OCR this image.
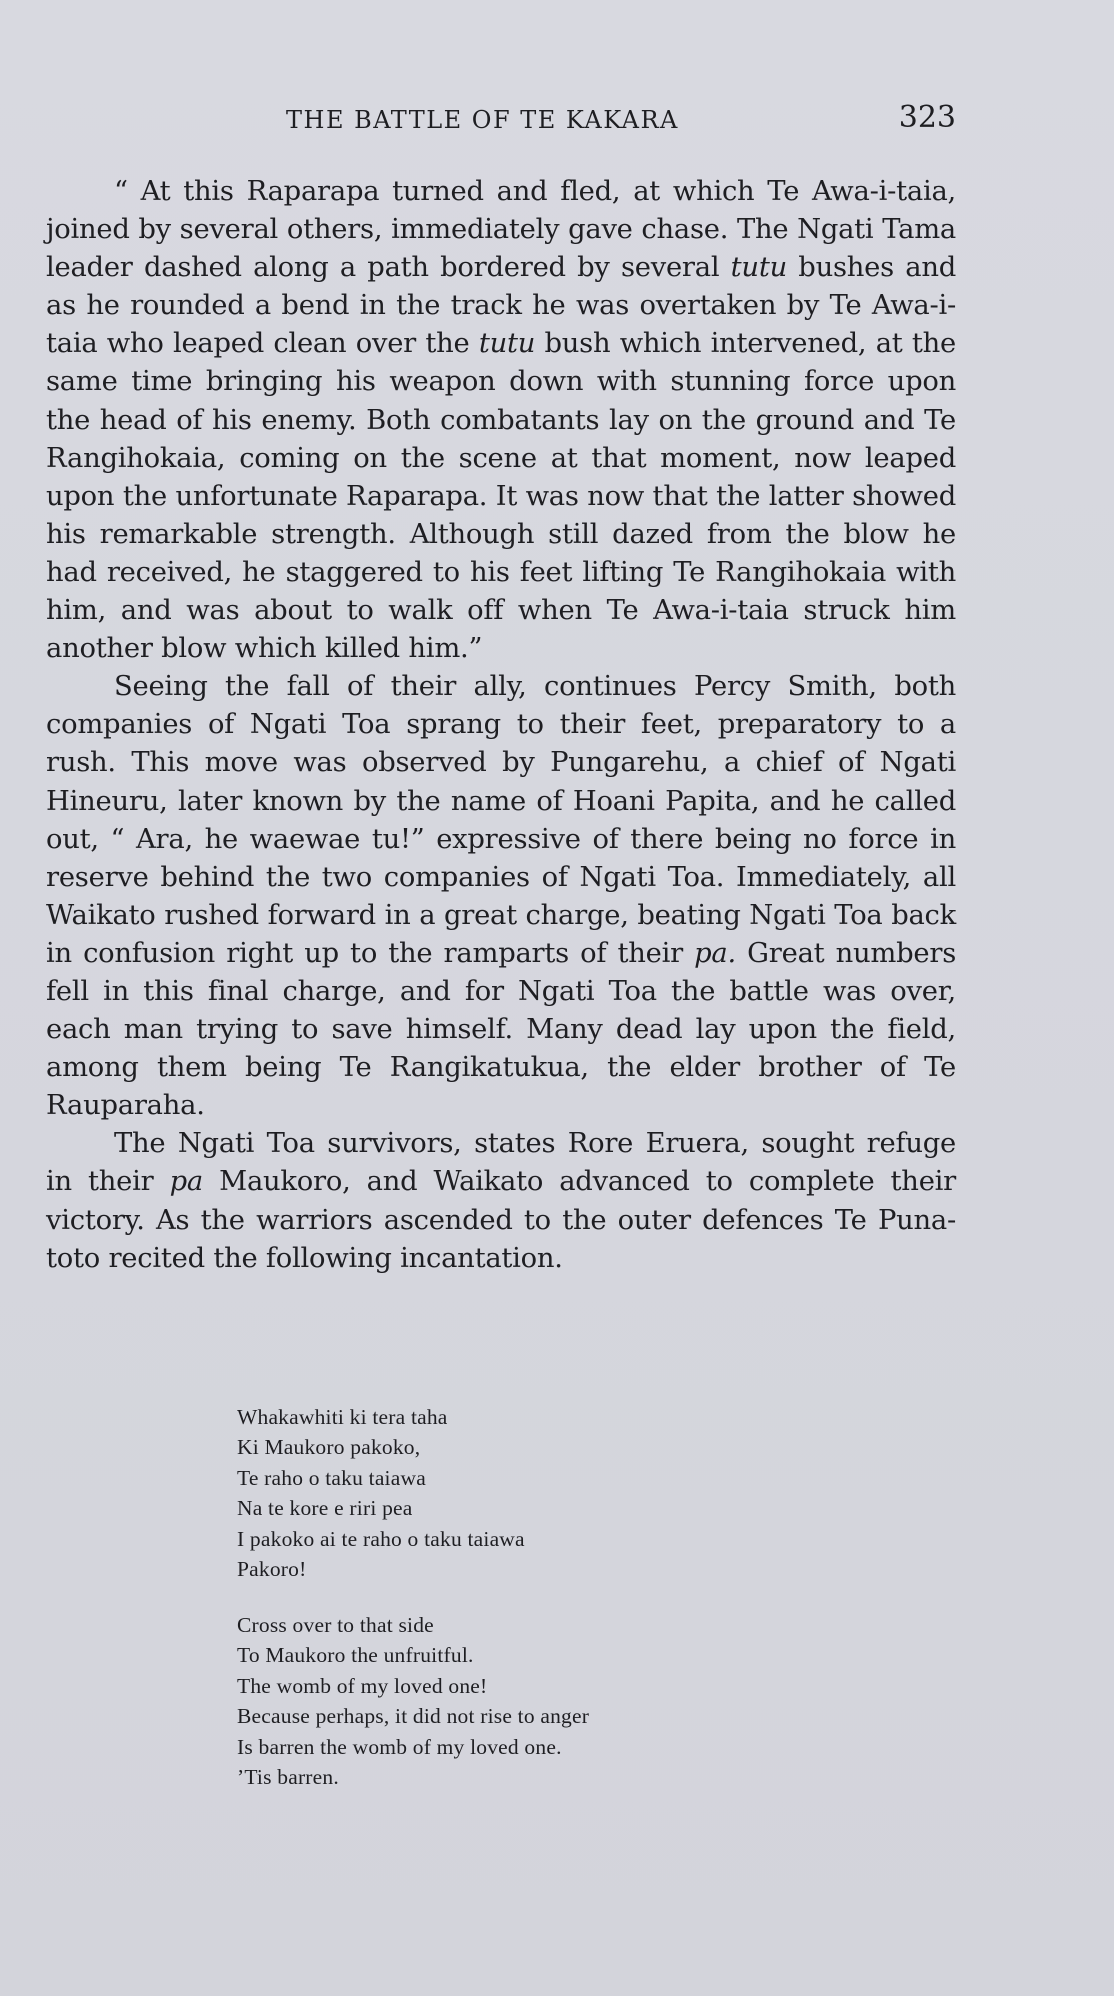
THE BATTLE OF TE KAKARA	323

“ At this Raparapa turned and fled, at which Te Awa-i-taia, joined by several others, immediately gave chase. The Ngati Tama leader dashed along a path bordered by several tutu bushes and as he rounded a bend in the track he was overtaken by Te Awa-i-taia who leaped clean over the tutu bush which intervened, at the same time bringing his weapon down with stunning force upon the head of his enemy. Both combatants lay on the ground and Te Rangihokaia, coming on the scene at that moment, now leaped upon the unfortunate Raparapa. It was now that the latter showed his remarkable strength. Although still dazed from the blow he had received, he staggered to his feet lifting Te Rangihokaia with him, and was about to walk off when Te Awa-i-taia struck him another blow which killed him.”

Seeing the fall of their ally, continues Percy Smith, both companies of Ngati Toa sprang to their feet, preparatory to a rush. This move was observed by Pungarehu, a chief of Ngati Hineuru, later known by the name of Hoani Papita, and he called out, “ Ara, he waewae tu!” expressive of there being no force in reserve behind the two companies of Ngati Toa. Immediately, all Waikato rushed forward in a great charge, beating Ngati Toa back in confusion right up to the ramparts of their pa. Great numbers fell in this final charge, and for Ngati Toa the battle was over, each man trying to save himself. Many dead lay upon the field, among them being Te Rangikatukua, the elder brother of Te Rauparaha.

The Ngati Toa survivors, states Rore Eruera, sought refuge in their pa Maukoro, and Waikato advanced to complete their victory. As the warriors ascended to the outer defences Te Puna-toto recited the following incantation.

Whakawhiti ki tera taha
Ki Maukoro pakoko,
Te raho o taku taiawa
Na te kore e riri pea
I pakoko ai te raho o taku taiawa
Pakoro!
Cross over to that side
To Maukoro the unfruitful.
The womb of my loved one!
Because perhaps, it did not rise to anger
Is barren the womb of my loved one.
’Tis barren.
